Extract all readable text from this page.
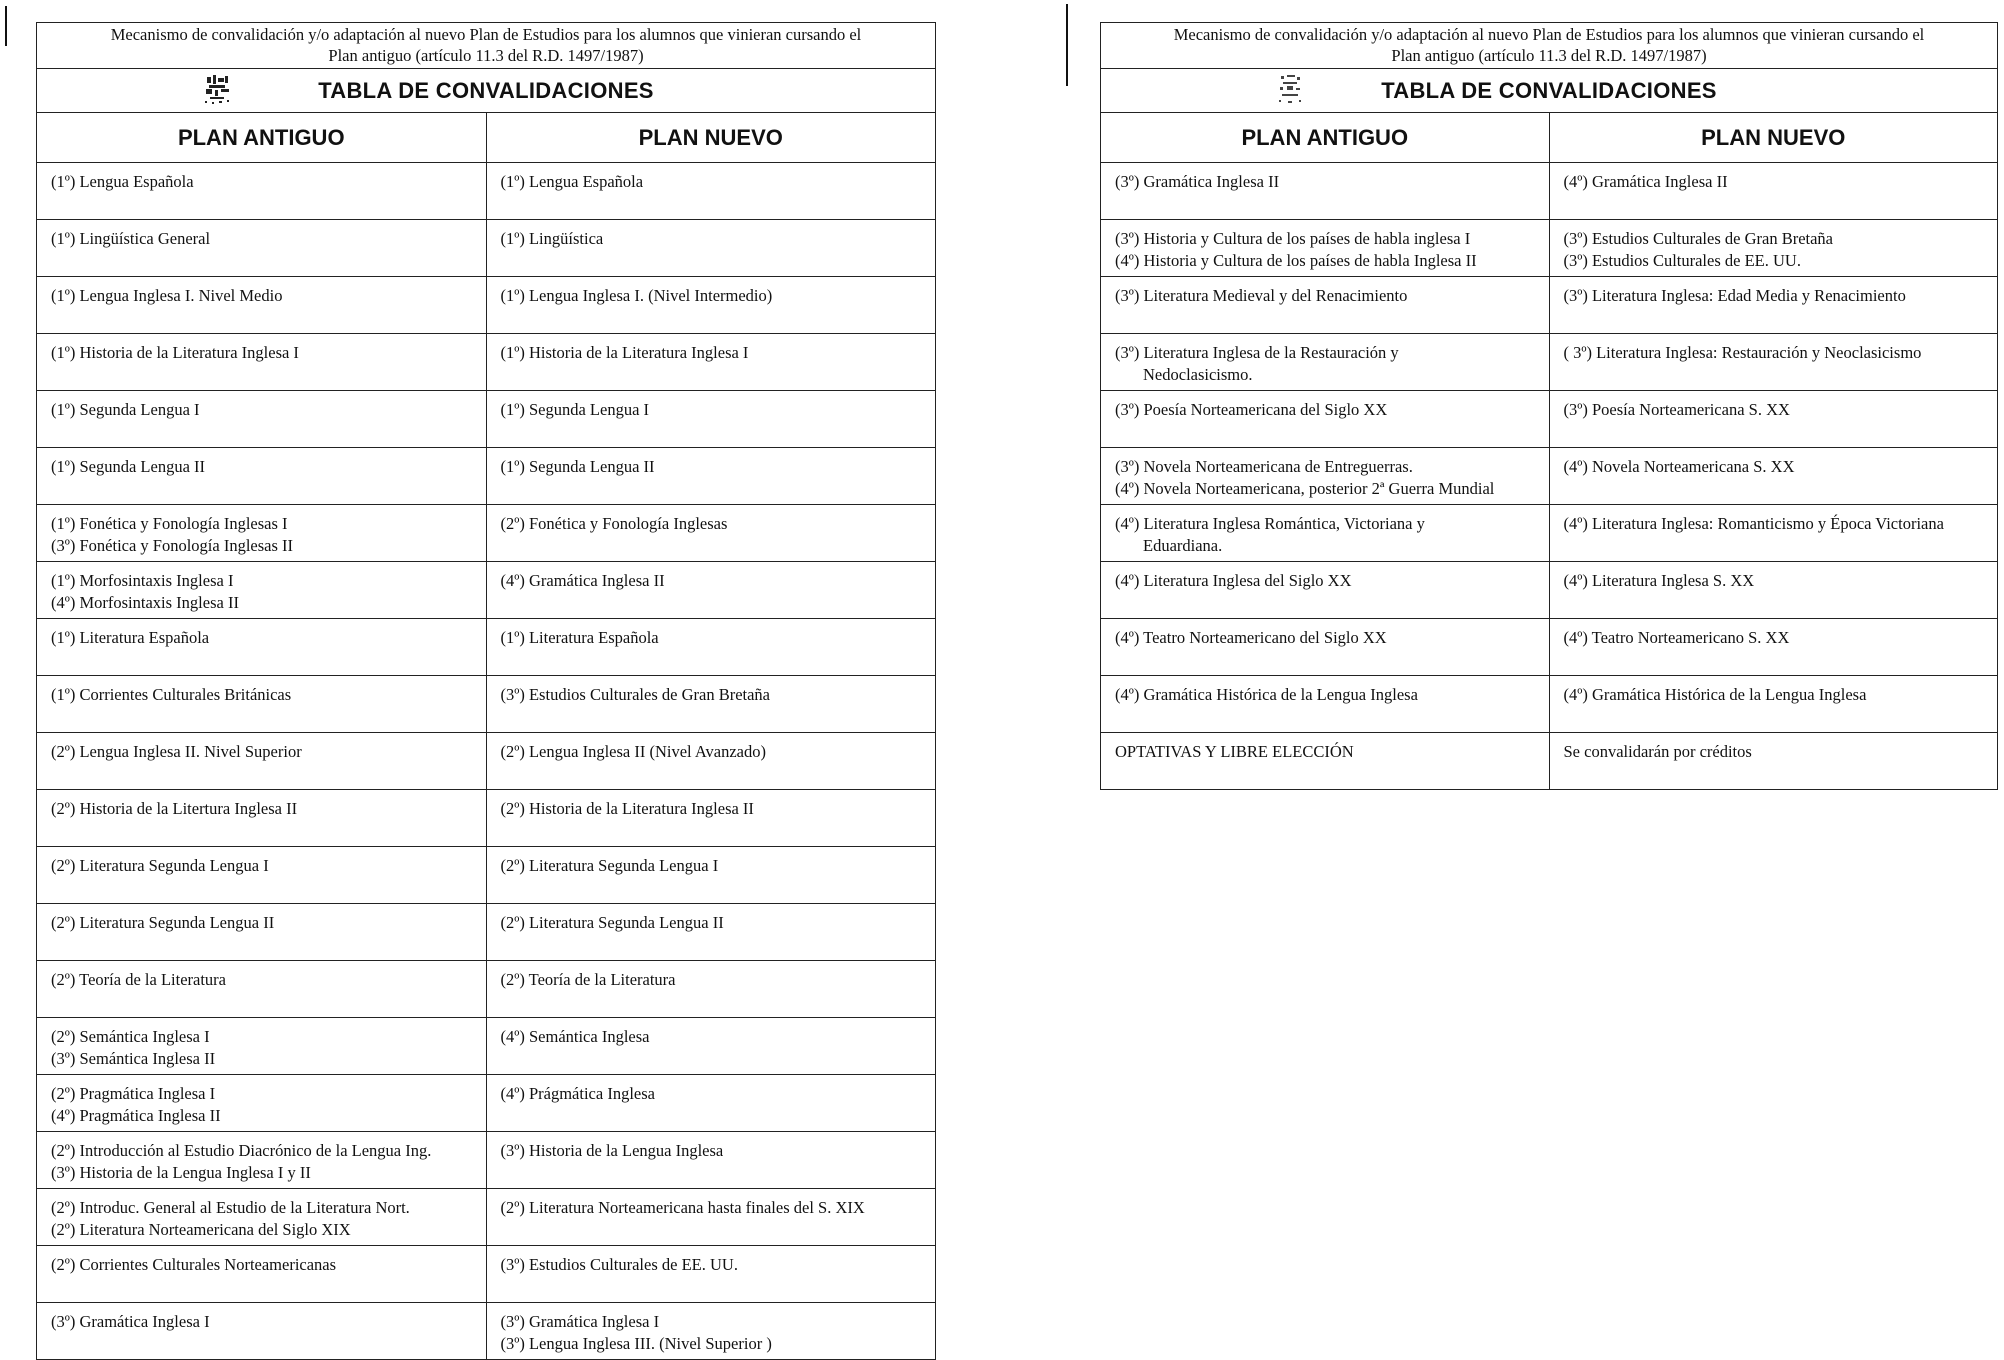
Mecanismo de convalidación y/o adaptación al nuevo Plan de Estudios para los alumnos que vinieran cursando el
Plan antiguo (artículo 11.3 del R.D. 1497/1987)
TABLA DE CONVALIDACIONES
PLAN ANTIGUO	PLAN NUEVO

(1º) Lengua Española	(1º) Lengua Española

(1º) Lingüística General	(1º) Lingüística

(1º) Lengua Inglesa I. Nivel Medio	(1º) Lengua Inglesa I. (Nivel Intermedio)

(1º) Historia de la Literatura Inglesa I	(1º) Historia de la Literatura Inglesa I

(1º) Segunda Lengua I	(1º) Segunda Lengua I

(1º) Segunda Lengua II	(1º) Segunda Lengua II

(1º) Fonética y Fonología Inglesas I
(3º) Fonética y Fonología Inglesas II	(2º) Fonética y Fonología Inglesas

(1º) Morfosintaxis Inglesa I
(4º) Morfosintaxis Inglesa II	(4º) Gramática Inglesa II

(1º) Literatura Española	(1º) Literatura Española

(1º) Corrientes Culturales Británicas	(3º) Estudios Culturales de Gran Bretaña

(2º) Lengua Inglesa II. Nivel Superior	(2º) Lengua Inglesa II (Nivel Avanzado)

(2º) Historia de la Litertura Inglesa II	(2º) Historia de la Literatura Inglesa II

(2º) Literatura Segunda Lengua I	(2º) Literatura Segunda Lengua I

(2º) Literatura Segunda Lengua II	(2º) Literatura Segunda Lengua II

(2º) Teoría de la Literatura	(2º) Teoría de la Literatura

(2º) Semántica Inglesa I
(3º) Semántica Inglesa II	(4º) Semántica Inglesa

(2º) Pragmática Inglesa I
(4º) Pragmática Inglesa II	(4º) Prágmática Inglesa

(2º) Introducción al Estudio Diacrónico de la Lengua Ing.
(3º) Historia de la Lengua Inglesa I y II	(3º) Historia de la Lengua Inglesa

(2º) Introduc. General al Estudio de la Literatura Nort.
(2º) Literatura Norteamericana del Siglo XIX	(2º) Literatura Norteamericana hasta finales del S. XIX

(2º) Corrientes Culturales Norteamericanas	(3º) Estudios Culturales de EE. UU.

(3º) Gramática Inglesa I	(3º) Gramática Inglesa I
(3º) Lengua Inglesa III. (Nivel Superior )
Mecanismo de convalidación y/o adaptación al nuevo Plan de Estudios para los alumnos que vinieran cursando el
Plan antiguo (artículo 11.3 del R.D. 1497/1987)
TABLA DE CONVALIDACIONES
PLAN ANTIGUO	PLAN NUEVO

(3º) Gramática Inglesa II	(4º) Gramática Inglesa II

(3º) Historia y Cultura de los países de habla inglesa I
(4º) Historia y Cultura de los países de habla Inglesa II	(3º) Estudios Culturales de Gran Bretaña
(3º) Estudios Culturales de EE. UU.

(3º) Literatura Medieval y del Renacimiento	(3º) Literatura Inglesa: Edad Media y Renacimiento

(3º) Literatura Inglesa de la Restauración y
Nedoclasicismo.	( 3º) Literatura Inglesa: Restauración y Neoclasicismo

(3º) Poesía Norteamericana del Siglo XX	(3º) Poesía Norteamericana S. XX

(3º) Novela Norteamericana de Entreguerras.
(4º) Novela Norteamericana, posterior 2ª Guerra Mundial	(4º) Novela Norteamericana S. XX

(4º) Literatura Inglesa Romántica, Victoriana y
Eduardiana.	(4º) Literatura Inglesa: Romanticismo y Época Victoriana

(4º) Literatura Inglesa del Siglo XX	(4º) Literatura Inglesa S. XX

(4º) Teatro Norteamericano del Siglo XX	(4º) Teatro Norteamericano S. XX

(4º) Gramática Histórica de la Lengua Inglesa	(4º) Gramática Histórica de la Lengua Inglesa

OPTATIVAS Y LIBRE ELECCIÓN	Se convalidarán por créditos
